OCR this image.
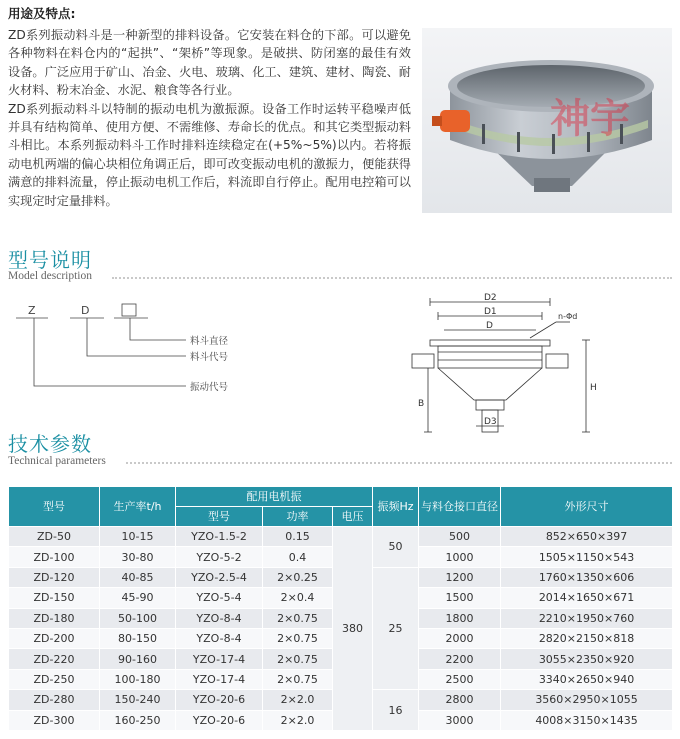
用途及特点:

ZD系列振动料斗是一种新型的排料设备。它安装在料仓的下部。可以避免各种物料在料仓内的“起拱”、“架桥”等现象。是破拱、防闭塞的最佳有效设备。广泛应用于矿山、冶金、火电、玻璃、化工、建筑、建材、陶瓷、耐火材料、粉末冶金、水泥、粮食等各行业。

ZD系列振动料斗以特制的振动电机为激振源。设备工作时运转平稳噪声低并具有结构简单、使用方便、不需维修、寿命长的优点。和其它类型振动料斗相比。本系列振动料斗工作时排料连续稳定在(+5%~5%)以内。若将振动电机两端的偏心块相位角调正后，即可改变振动电机的激振力，便能获得满意的排料流量，停止振动电机工作后，料流即自行停止。配用电控箱可以实现定时定量排料。

神宇
型号说明
Model description
Z	D
料斗直径
料斗代号
振动代号
D2
D1
D
n-Φd
B
D3
H
技术参数
Technical parameters
型号	生产率t/h	配用电机振			振频Hz	与料仓接口直径	外形尺寸
		型号	功率	电压			
ZD-50	10-15	YZO-1.5-2	0.15	380	50	500	852×650×397
ZD-100	30-80	YZO-5-2	0.4			1000	1505×1150×543
ZD-120	40-85	YZO-2.5-4	2×0.25		25	1200	1760×1350×606
ZD-150	45-90	YZO-5-4	2×0.4			1500	2014×1650×671
ZD-180	50-100	YZO-8-4	2×0.75			1800	2210×1950×760
ZD-200	80-150	YZO-8-4	2×0.75			2000	2820×2150×818
ZD-220	90-160	YZO-17-4	2×0.75			2200	3055×2350×920
ZD-250	100-180	YZO-17-4	2×0.75			2500	3340×2650×940
ZD-280	150-240	YZO-20-6	2×2.0		16	2800	3560×2950×1055
ZD-300	160-250	YZO-20-6	2×2.0			3000	4008×3150×1435
